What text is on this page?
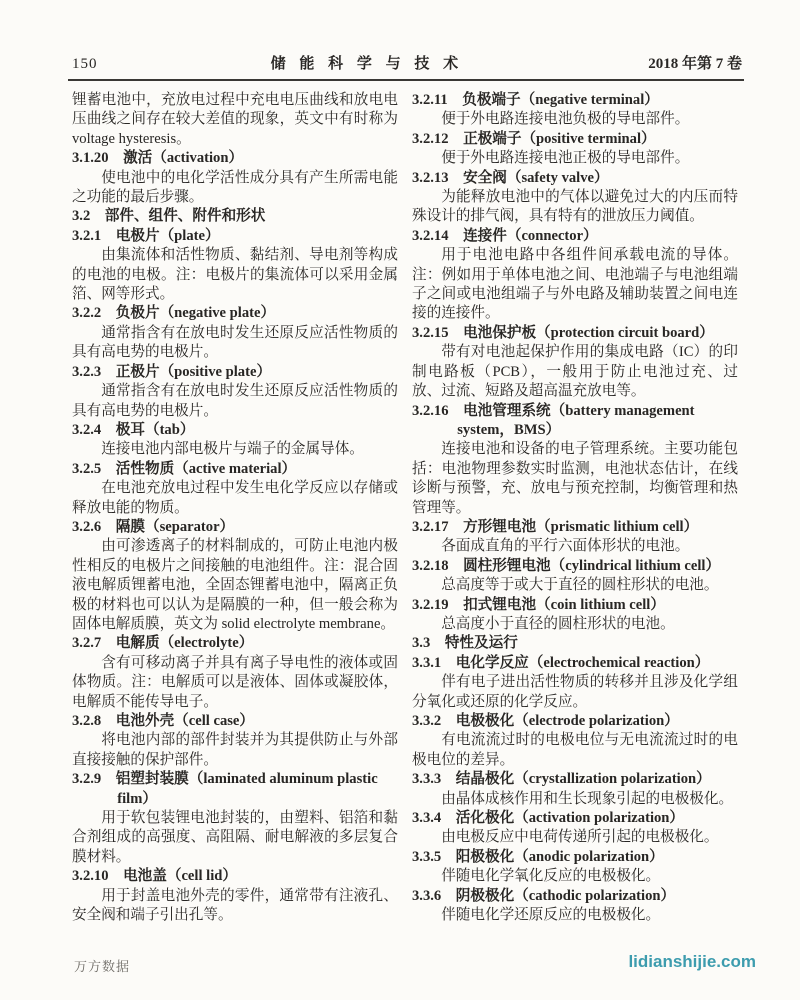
150	储 能 科 学 与 技 术	2018 年第 7 卷

锂蓄电池中，充放电过程中充电电压曲线和放电电压曲线之间存在较大差值的现象，英文中有时称为 voltage hysteresis。

3.1.20　激活（activation）

使电池中的电化学活性成分具有产生所需电能之功能的最后步骤。

3.2　部件、组件、附件和形状

3.2.1　电极片（plate）

由集流体和活性物质、黏结剂、导电剂等构成的电池的电极。注：电极片的集流体可以采用金属箔、网等形式。

3.2.2　负极片（negative plate）

通常指含有在放电时发生还原反应活性物质的具有高电势的电极片。

3.2.3　正极片（positive plate）

通常指含有在放电时发生还原反应活性物质的具有高电势的电极片。

3.2.4　极耳（tab）

连接电池内部电极片与端子的金属导体。

3.2.5　活性物质（active material）

在电池充放电过程中发生电化学反应以存储或释放电能的物质。

3.2.6　隔膜（separator）

由可渗透离子的材料制成的，可防止电池内极性相反的电极片之间接触的电池组件。注：混合固液电解质锂蓄电池，全固态锂蓄电池中，隔离正负极的材料也可以认为是隔膜的一种，但一般会称为固体电解质膜，英文为 solid electrolyte membrane。

3.2.7　电解质（electrolyte）

含有可移动离子并具有离子导电性的液体或固体物质。注：电解质可以是液体、固体或凝胶体，电解质不能传导电子。

3.2.8　电池外壳（cell case）

将电池内部的部件封装并为其提供防止与外部直接接触的保护部件。

3.2.9　铝塑封装膜（laminated aluminum plastic film）

用于软包装锂电池封装的，由塑料、铝箔和黏合剂组成的高强度、高阻隔、耐电解液的多层复合膜材料。

3.2.10　电池盖（cell lid）

用于封盖电池外壳的零件，通常带有注液孔、安全阀和端子引出孔等。

3.2.11　负极端子（negative terminal）

便于外电路连接电池负极的导电部件。

3.2.12　正极端子（positive terminal）

便于外电路连接电池正极的导电部件。

3.2.13　安全阀（safety valve）

为能释放电池中的气体以避免过大的内压而特殊设计的排气阀，具有特有的泄放压力阈值。

3.2.14　连接件（connector）

用于电池电路中各组件间承载电流的导体。注：例如用于单体电池之间、电池端子与电池组端子之间或电池组端子与外电路及辅助装置之间电连接的连接件。

3.2.15　电池保护板（protection circuit board）

带有对电池起保护作用的集成电路（IC）的印制电路板（PCB），一般用于防止电池过充、过放、过流、短路及超高温充放电等。

3.2.16　电池管理系统（battery management system，BMS）

连接电池和设备的电子管理系统。主要功能包括：电池物理参数实时监测，电池状态估计，在线诊断与预警，充、放电与预充控制，均衡管理和热管理等。

3.2.17　方形锂电池（prismatic lithium cell）

各面成直角的平行六面体形状的电池。

3.2.18　圆柱形锂电池（cylindrical lithium cell）

总高度等于或大于直径的圆柱形状的电池。

3.2.19　扣式锂电池（coin lithium cell）

总高度小于直径的圆柱形状的电池。

3.3　特性及运行

3.3.1　电化学反应（electrochemical reaction）

伴有电子进出活性物质的转移并且涉及化学组分氧化或还原的化学反应。

3.3.2　电极极化（electrode polarization）

有电流流过时的电极电位与无电流流过时的电极电位的差异。

3.3.3　结晶极化（crystallization polarization）

由晶体成核作用和生长现象引起的电极极化。

3.3.4　活化极化（activation polarization）

由电极反应中电荷传递所引起的电极极化。

3.3.5　阳极极化（anodic polarization）

伴随电化学氧化反应的电极极化。

3.3.6　阴极极化（cathodic polarization）

伴随电化学还原反应的电极极化。

万方数据	lidianshijie.com
